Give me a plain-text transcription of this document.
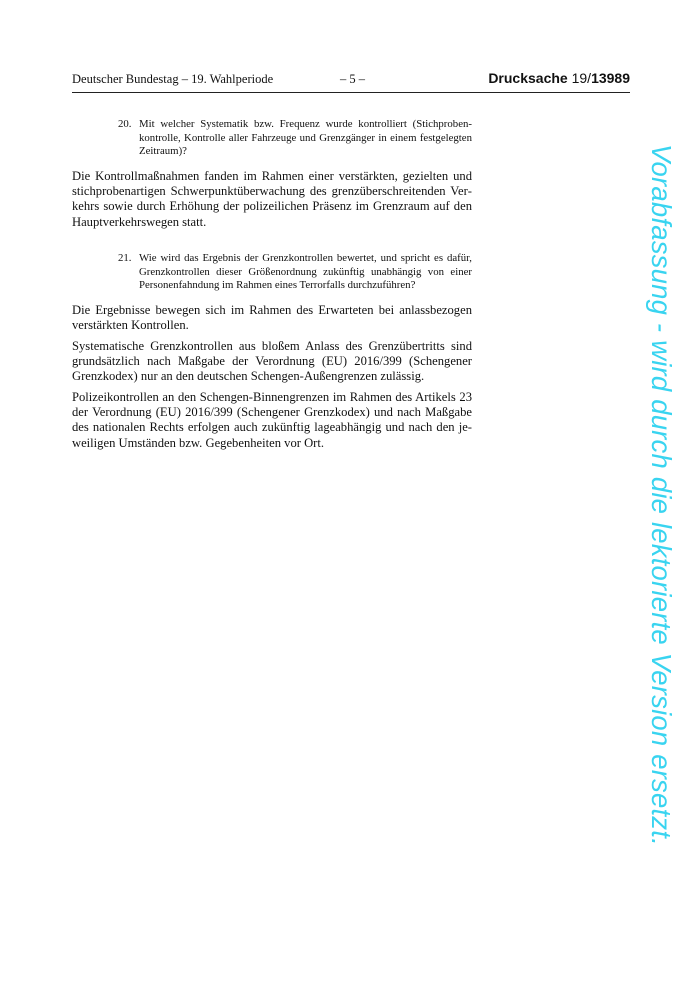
Deutscher Bundestag – 19. Wahlperiode	– 5 –	Drucksache 19/13989
20. Mit welcher Systematik bzw. Frequenz wurde kontrolliert (Stichprobenkontrolle, Kontrolle aller Fahrzeuge und Grenzgänger in einem festgelegten Zeitraum)?

Die Kontrollmaßnahmen fanden im Rahmen einer verstärkten, gezielten und stichprobenartigen Schwerpunktüberwachung des grenzüberschreitenden Verkehrs sowie durch Erhöhung der polizeilichen Präsenz im Grenzraum auf den Hauptverkehrswegen statt.

21. Wie wird das Ergebnis der Grenzkontrollen bewertet, und spricht es dafür, Grenzkontrollen dieser Größenordnung zukünftig unabhängig von einer Personenfahndung im Rahmen eines Terrorfalls durchzuführen?

Die Ergebnisse bewegen sich im Rahmen des Erwarteten bei anlassbezogen verstärkten Kontrollen.

Systematische Grenzkontrollen aus bloßem Anlass des Grenzübertritts sind grundsätzlich nach Maßgabe der Verordnung (EU) 2016/399 (Schengener Grenzkodex) nur an den deutschen Schengen-Außengrenzen zulässig.

Polizeikontrollen an den Schengen-Binnengrenzen im Rahmen des Artikels 23 der Verordnung (EU) 2016/399 (Schengener Grenzkodex) und nach Maßgabe des nationalen Rechts erfolgen auch zukünftig lageabhängig und nach den jeweiligen Umständen bzw. Gegebenheiten vor Ort.	Vorabfassung - wird durch die lektorierte Version ersetzt.
